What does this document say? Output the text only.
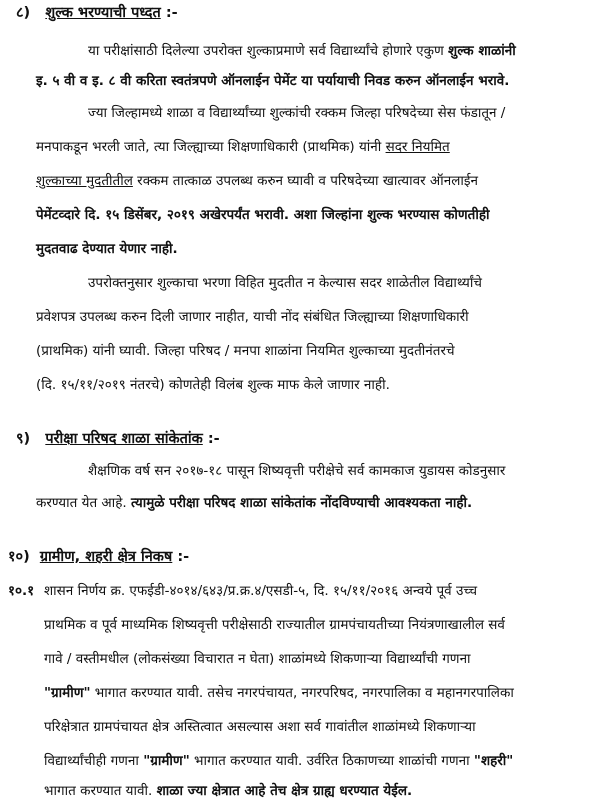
८) शुल्क भरण्याची पध्दत :-
या परीक्षांसाठी दिलेल्या उपरोक्त शुल्काप्रमाणे सर्व विद्यार्थ्यांचे होणारे एकुण शुल्क शाळांनी
इ. ५ वी व इ. ८ वी करिता स्वतंत्रपणे ऑनलाईन पेमेंट या पर्यायाची निवड करुन ऑनलाईन भरावे.
ज्या जिल्हामध्ये शाळा व विद्यार्थ्यांच्या शुल्कांची रक्कम जिल्हा परिषदेच्या सेस फंडातून /
मनपाकडून भरली जाते, त्या जिल्ह्याच्या शिक्षणाधिकारी (प्राथमिक) यांनी सदर नियमित
शुल्काच्या मुदतीतील रक्कम तात्काळ उपलब्ध करुन घ्यावी व परिषदेच्या खात्यावर ऑनलाईन
पेमेंटव्दारे दि. १५ डिसेंबर, २०१९ अखेरपर्यंत भरावी. अशा जिल्हांना शुल्क भरण्यास कोणतीही
मुदतवाढ देण्यात येणार नाही.
उपरोक्तनुसार शुल्काचा भरणा विहित मुदतीत न केल्यास सदर शाळेतील विद्यार्थ्यांचे
प्रवेशपत्र उपलब्ध करुन दिली जाणार नाहीत, याची नोंद संबंधित जिल्ह्याच्या शिक्षणाधिकारी
(प्राथमिक) यांनी घ्यावी. जिल्हा परिषद / मनपा शाळांना नियमित शुल्काच्या मुदतीनंतरचे
(दि. १५/११/२०१९ नंतरचे) कोणतेही विलंब शुल्क माफ केले जाणार नाही.
९) परीक्षा परिषद शाळा सांकेतांक :-
शैक्षणिक वर्ष सन २०१७-१८ पासून शिष्यवृत्ती परीक्षेचे सर्व कामकाज युडायस कोडनुसार
करण्यात येत आहे. त्यामुळे परीक्षा परिषद शाळा सांकेतांक नोंदविण्याची आवश्यकता नाही.
१०) ग्रामीण, शहरी क्षेत्र निकष :-
१०.१ शासन निर्णय क्र. एफईडी-४०१४/६४३/प्र.क्र.४/एसडी-५, दि. १५/११/२०१६ अन्वये पूर्व उच्च
प्राथमिक व पूर्व माध्यमिक शिष्यवृत्ती परीक्षेसाठी राज्यातील ग्रामपंचायतीच्या नियंत्रणाखालील सर्व
गावे / वस्तीमधील (लोकसंख्या विचारात न घेता) शाळांमध्ये शिकणाऱ्या विद्यार्थ्यांची गणना
"ग्रामीण" भागात करण्यात यावी. तसेच नगरपंचायत, नगरपरिषद, नगरपालिका व महानगरपालिका
परिक्षेत्रात ग्रामपंचायत क्षेत्र अस्तित्वात असल्यास अशा सर्व गावांतील शाळांमध्ये शिकणाऱ्या
विद्यार्थ्यांचीही गणना "ग्रामीण" भागात करण्यात यावी. उर्वरित ठिकाणच्या शाळांची गणना "शहरी"
भागात करण्यात यावी. शाळा ज्या क्षेत्रात आहे तेच क्षेत्र ग्राह्य धरण्यात येईल.
